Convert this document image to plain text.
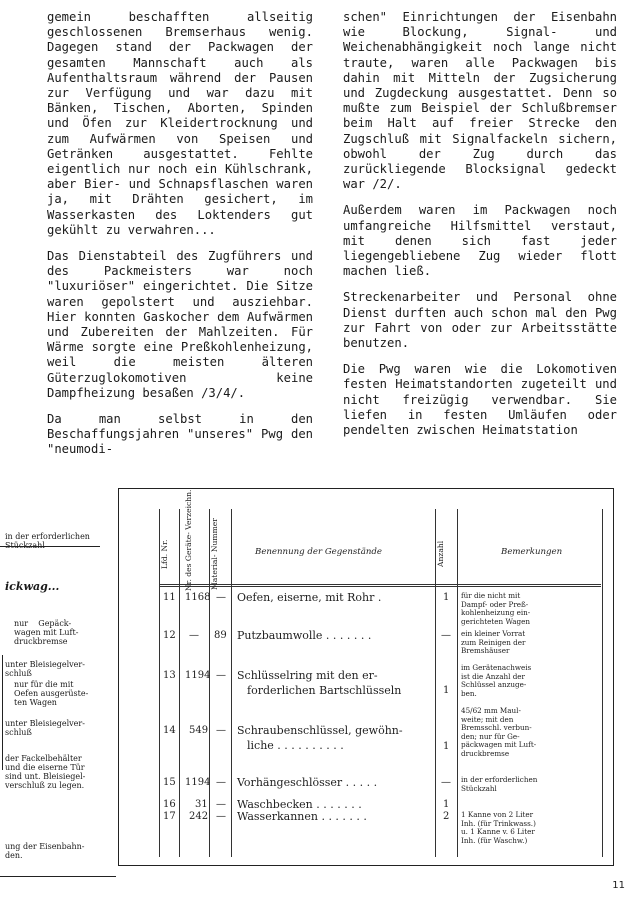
gemein beschafften allseitig geschlossenen Bremserhaus wenig. Dagegen stand der Packwagen der gesamten Mannschaft auch als Aufenthaltsraum während der Pausen zur Verfügung und war dazu mit Bänken, Tischen, Aborten, Spinden und Öfen zur Kleidertrocknung und zum Aufwärmen von Speisen und Getränken ausgestattet. Fehlte eigentlich nur noch ein Kühlschrank, aber Bier- und Schnapsflaschen waren ja, mit Drähten gesichert, im Wasserkasten des Loktenders gut gekühlt zu verwahren...

Das Dienstabteil des Zugführers und des Packmeisters war noch "luxuriöser" eingerichtet. Die Sitze waren gepolstert und ausziehbar. Hier konnten Gaskocher dem Aufwärmen und Zubereiten der Mahlzeiten. Für Wärme sorgte eine Preßkohlenheizung, weil die meisten älteren Güterzuglokomotiven keine Dampfheizung besaßen /3/4/.

Da man selbst in den Beschaffungsjahren "unseres" Pwg den "neumodi-

schen" Einrichtungen der Eisenbahn wie Blockung, Signal- und Weichenabhängigkeit noch lange nicht traute, waren alle Packwagen bis dahin mit Mitteln der Zugsicherung und Zugdeckung ausgestattet. Denn so mußte zum Beispiel der Schlußbremser beim Halt auf freier Strecke den Zugschluß mit Signalfackeln sichern, obwohl der Zug durch das zurückliegende Blocksignal gedeckt war /2/.

Außerdem waren im Packwagen noch umfangreiche Hilfsmittel verstaut, mit denen sich fast jeder liegengebliebene Zug wieder flott machen ließ.

Streckenarbeiter und Personal ohne Dienst durften auch schon mal den Pwg zur Fahrt von oder zur Arbeitsstätte benutzen.

Die Pwg waren wie die Lokomotiven festen Heimatstandorten zugeteilt und nicht freizügig verwendbar. Sie liefen in festen Umläufen oder pendelten zwischen Heimatstation

in der erforderlichen
Stückzahl
ickwag...
nur    Gepäck-
wagen mit Luft-
druckbremse
unter Bleisiegelver-
schluß
nur für die mit
Oefen ausgerüste-
ten Wagen
unter Bleisiegelver-
schluß
der Fackelbehälter
und die eiserne Tür
sind unt. Bleisiegel-
verschluß zu legen.
ung der Eisenbahn-
den.
Lfd. Nr.	Nr. des Geräte- Verzeichn.	Material- Nummer	Benennung der Gegenstände	Anzahl	Bemerkungen
11 1168 — Oefen, eiserne, mit Rohr .	1 für die nicht mit
Dampf- oder Preß-
kohlenheizung ein-
gerichteten Wagen
12 — 89 Putzbaumwolle . . . . . . .	— ein kleiner Vorrat
zum Reinigen der
Bremshäuser
13 1194 — Schlüsselring mit den er-
forderlichen Bartschlüsseln	1
im Gerätenachweis
ist die Anzahl der
Schlüssel anzuge-
ben.
14 549 — Schraubenschlüssel, gewöhn-
liche . . . . . . . . . .	1
45/62 mm Maul-
weite; mit den
Bremsschl. verbun-
den; nur für Ge-
päckwagen mit Luft-
druckbremse
15 1194 — Vorhängeschlösser . . . . .	— in der erforderlichen
Stückzahl
16 31 — Waschbecken . . . . . . .	1
17 242 — Wasserkannen . . . . . . .	2 1 Kanne von 2 Liter
Inh. (für Trinkwass.)
u. 1 Kanne v. 6 Liter
Inh. (für Waschw.)
11
